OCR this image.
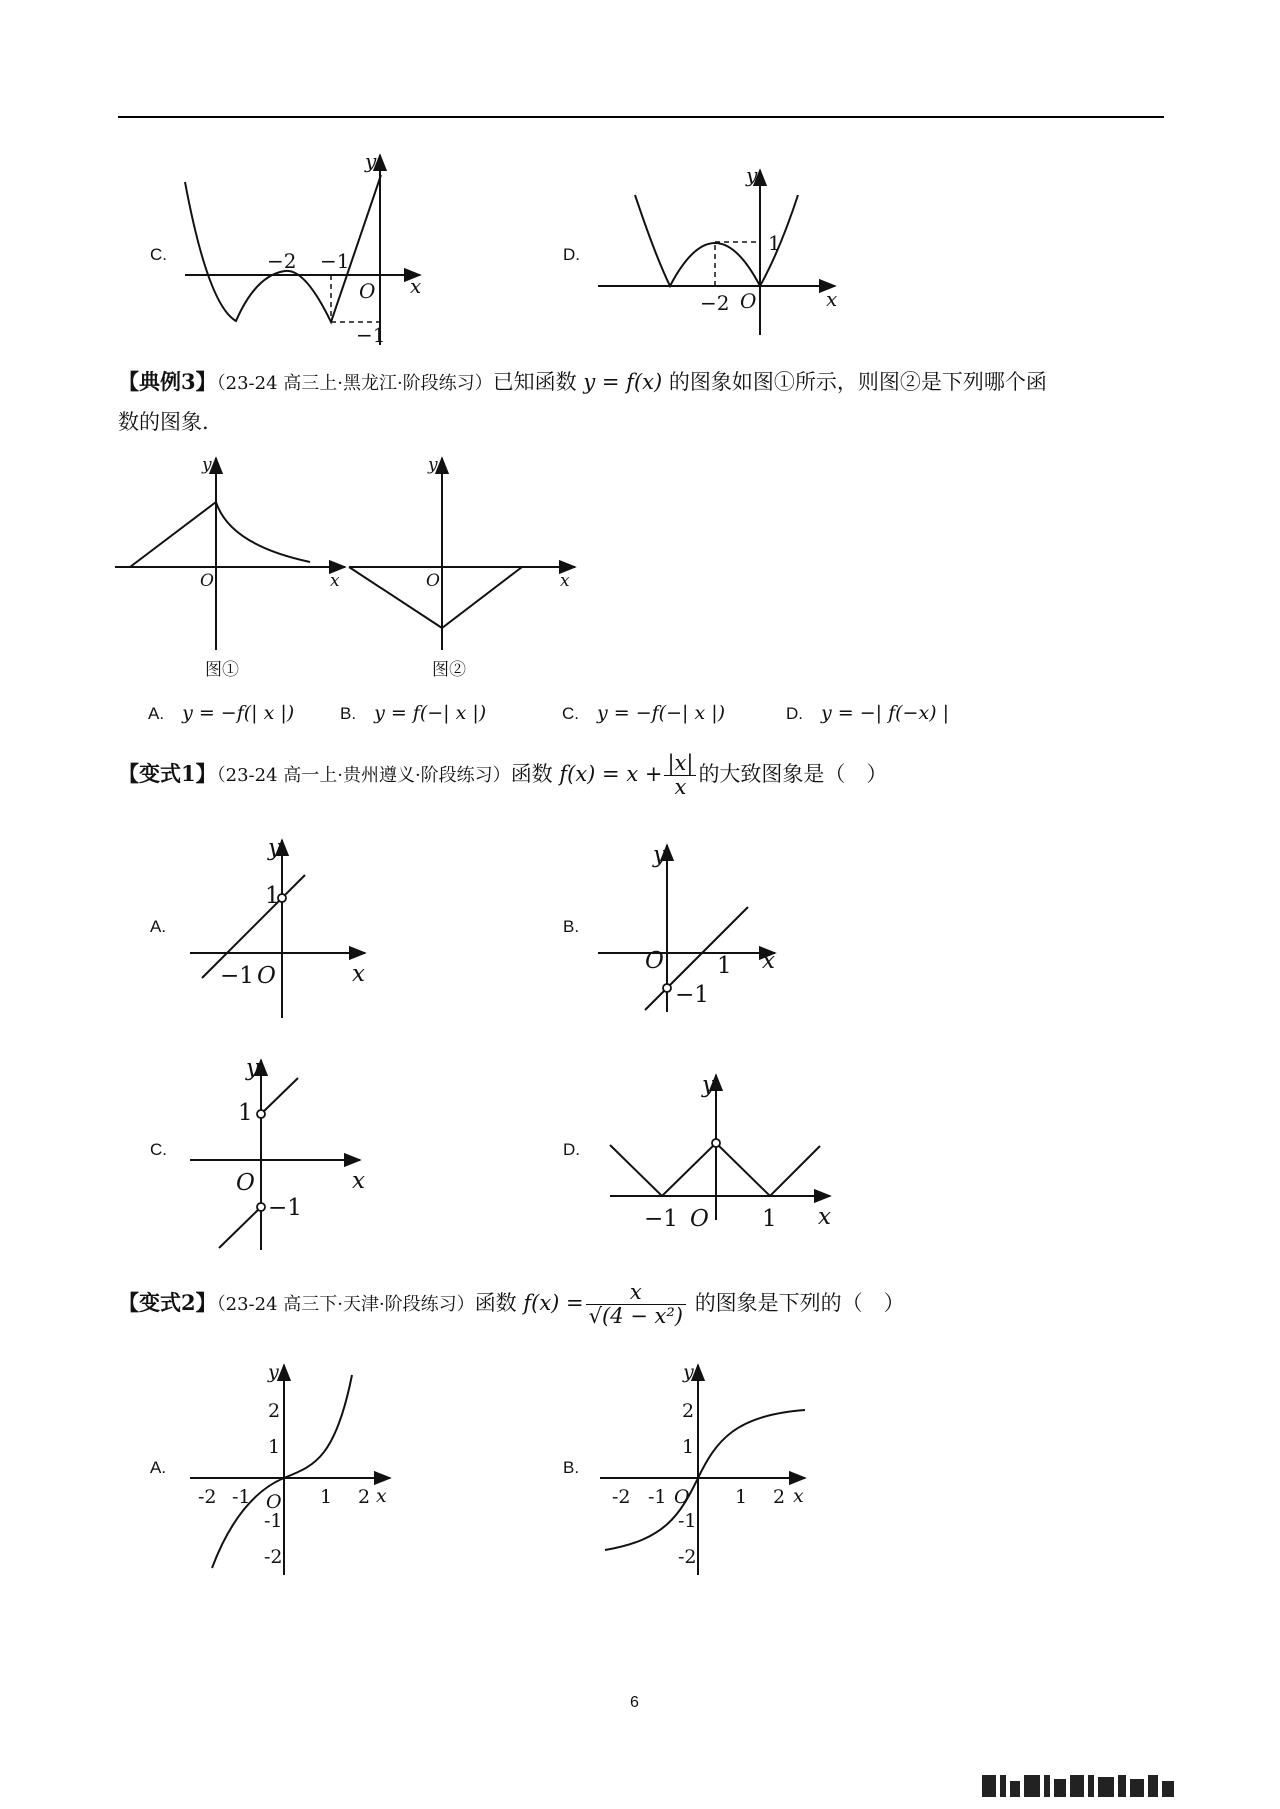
C.	D.
【典例3】（23-24 高三上·黑龙江·阶段练习）已知函数 y = f(x) 的图象如图①所示，则图②是下列哪个函
数的图象.
A. y = −f(| x |)	B. y = f(−| x |)	C. y = −f(−| x |)	D. y = −| f(−x) |
【变式1】（23-24 高一上·贵州遵义·阶段练习）函数 $f(x) = x + \frac{|x|}{x}$ 的大致图象是（　）
A.	B.
C.	D.
【变式2】（23-24 高三下·天津·阶段练习）函数 $f(x) = \frac{x}{\text{√(4 − x²)}}$ 的图象是下列的（　）
A.	B.
y
x
O
−2 −1
−1
y
x
O
−2
1
y
x
O
图①
y
x
O
图②
y
x
O
1
−1
y
x
O 1
−1
y
x
O
1
−1
y
x
O
−1	1
y
x
O
-2 -1	1 2
2
1
-1
-2
y
x
O
-2 -1	1 2
2
1
-1
-2
6
